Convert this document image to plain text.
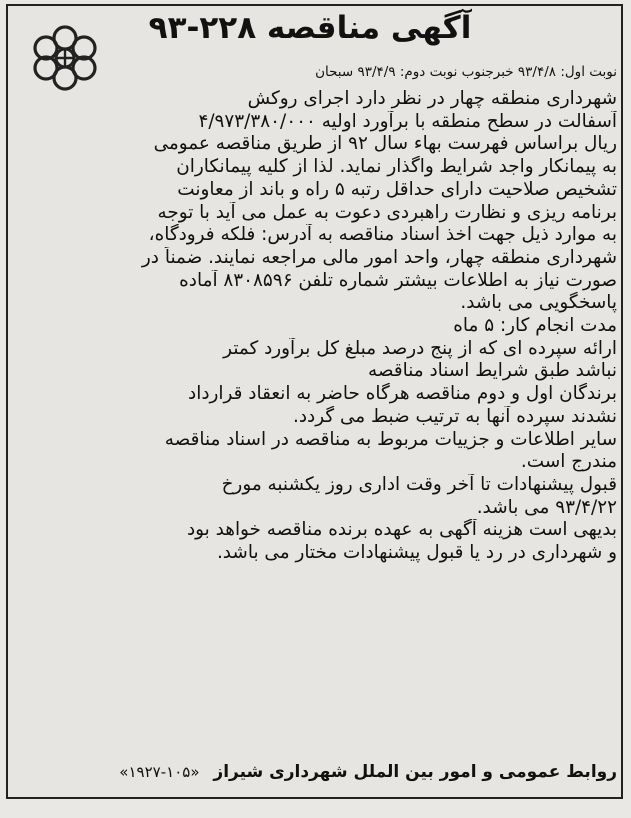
آگهی مناقصه ۲۲۸-۹۳
نوبت اول: ۹۳/۴/۸ خبرجنوب نوبت دوم: ۹۳/۴/۹ سبحان
شهرداری منطقه چهار در نظر دارد اجرای روکش
آسفالت در سطح منطقه با برآورد اولیه ۴/۹۷۳/۳۸۰/۰۰۰
ریال براساس فهرست بهاء سال ۹۲ از طریق مناقصه عمومی
به پیمانکار واجد شرایط واگذار نماید. لذا از کلیه پیمانکاران
تشخیص صلاحیت دارای حداقل رتبه ۵ راه و باند از معاونت
برنامه ریزی و نظارت راهبردی دعوت به عمل می آید با توجه
به موارد ذیل جهت اخذ اسناد مناقصه به آدرس: فلکه فرودگاه،
شهرداری منطقه چهار، واحد امور مالی مراجعه نمایند. ضمناً در
صورت نیاز به اطلاعات بیشتر شماره تلفن ۸۳۰۸۵۹۶ آماده
پاسخگویی می باشد.
مدت انجام کار: ۵ ماه
ارائه سپرده ای که از پنج درصد مبلغ کل برآورد کمتر
نباشد طبق شرایط اسناد مناقصه
برندگان اول و دوم مناقصه هرگاه حاضر به انعقاد قرارداد
نشدند سپرده آنها به ترتیب ضبط می گردد.
سایر اطلاعات و جزییات مربوط به مناقصه در اسناد مناقصه
مندرج است.
قبول پیشنهادات تا آخر وقت اداری روز یکشنبه مورخ
۹۳/۴/۲۲ می باشد.
بدیهی است هزینه آگهی به عهده برنده مناقصه خواهد بود
و شهرداری در رد یا قبول پیشنهادات مختار می باشد.
روابط عمومی و امور بین الملل شهرداری شیراز «۱۰۵-۱۹۲۷»
